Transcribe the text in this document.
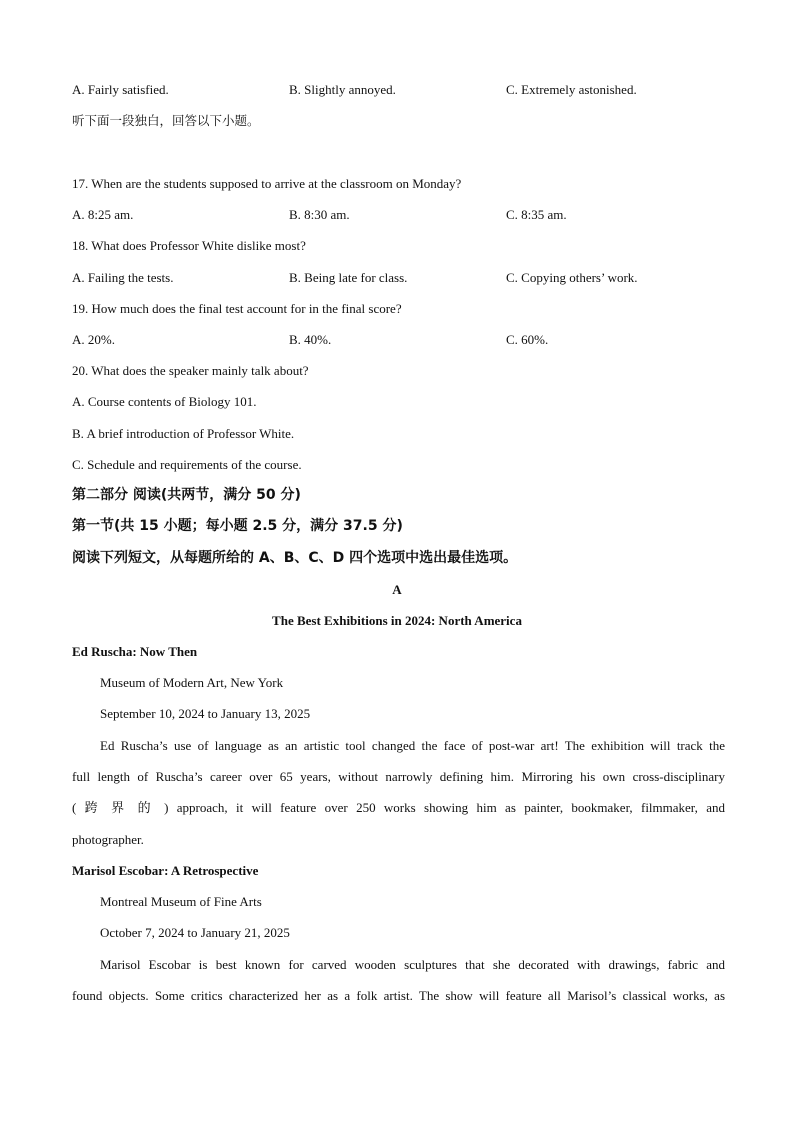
A. Fairly satisfied.	B. Slightly annoyed.	C. Extremely astonished.
听下面一段独白，回答以下小题。
17. When are the students supposed to arrive at the classroom on Monday?
A. 8:25 am.	B. 8:30 am.	C. 8:35 am.
18. What does Professor White dislike most?
A. Failing the tests.	B. Being late for class.	C. Copying others’ work.
19. How much does the final test account for in the final score?
A. 20%.	B. 40%.	C. 60%.
20. What does the speaker mainly talk about?
A. Course contents of Biology 101.
B. A brief introduction of Professor White.
C. Schedule and requirements of the course.
第二部分 阅读(共两节，满分 50 分)
第一节(共 15 小题；每小题 2.5 分，满分 37.5 分)
阅读下列短文，从每题所给的 A、B、C、D 四个选项中选出最佳选项。
A
The Best Exhibitions in 2024: North America
Ed Ruscha: Now Then
Museum of Modern Art, New York
September 10, 2024 to January 13, 2025
Ed Ruscha’s use of language as an artistic tool changed the face of post-war art! The exhibition will track the
full length of Ruscha’s career over 65 years, without narrowly defining him. Mirroring his own cross-disciplinary
( 跨 界 的 ) approach, it will feature over 250 works showing him as painter, bookmaker, filmmaker, and
photographer.
Marisol Escobar: A Retrospective
Montreal Museum of Fine Arts
October 7, 2024 to January 21, 2025
Marisol Escobar is best known for carved wooden sculptures that she decorated with drawings, fabric and
found objects. Some critics characterized her as a folk artist. The show will feature all Marisol’s classical works, as
